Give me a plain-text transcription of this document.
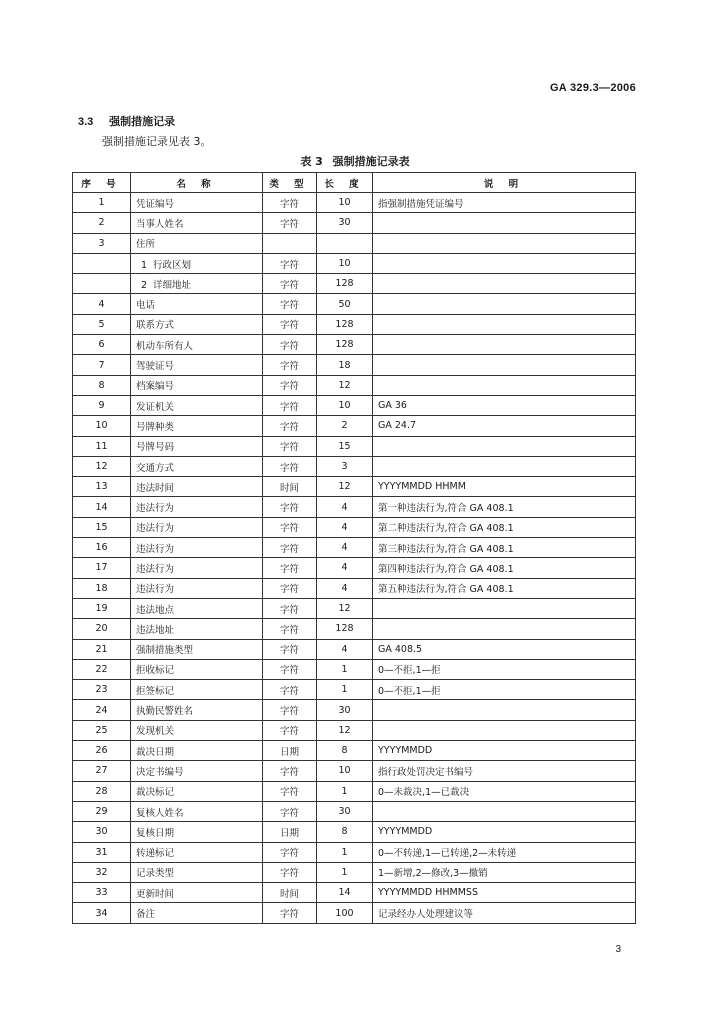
GA 329.3—2006
3.3 强制措施记录
强制措施记录见表 3。
表 3 强制措施记录表
序 号	名 称	类 型	长 度	说 明
1	凭证编号	字符	10	指强制措施凭证编号
2	当事人姓名	字符	30	
3	住所			
	1 行政区划	字符	10	
	2 详细地址	字符	128	
4	电话	字符	50	
5	联系方式	字符	128	
6	机动车所有人	字符	128	
7	驾驶证号	字符	18	
8	档案编号	字符	12	
9	发证机关	字符	10	GA 36
10	号牌种类	字符	2	GA 24.7
11	号牌号码	字符	15	
12	交通方式	字符	3	
13	违法时间	时间	12	YYYYMMDD HHMM
14	违法行为	字符	4	第一种违法行为,符合 GA 408.1
15	违法行为	字符	4	第二种违法行为,符合 GA 408.1
16	违法行为	字符	4	第三种违法行为,符合 GA 408.1
17	违法行为	字符	4	第四种违法行为,符合 GA 408.1
18	违法行为	字符	4	第五种违法行为,符合 GA 408.1
19	违法地点	字符	12	
20	违法地址	字符	128	
21	强制措施类型	字符	4	GA 408.5
22	拒收标记	字符	1	0—不拒,1—拒
23	拒签标记	字符	1	0—不拒,1—拒
24	执勤民警姓名	字符	30	
25	发现机关	字符	12	
26	裁决日期	日期	8	YYYYMMDD
27	决定书编号	字符	10	指行政处罚决定书编号
28	裁决标记	字符	1	0—未裁决,1—已裁决
29	复核人姓名	字符	30	
30	复核日期	日期	8	YYYYMMDD
31	转递标记	字符	1	0—不转递,1—已转递,2—未转递
32	记录类型	字符	1	1—新增,2—修改,3—撤销
33	更新时间	时间	14	YYYYMMDD HHMMSS
34	备注	字符	100	记录经办人处理建议等
3
